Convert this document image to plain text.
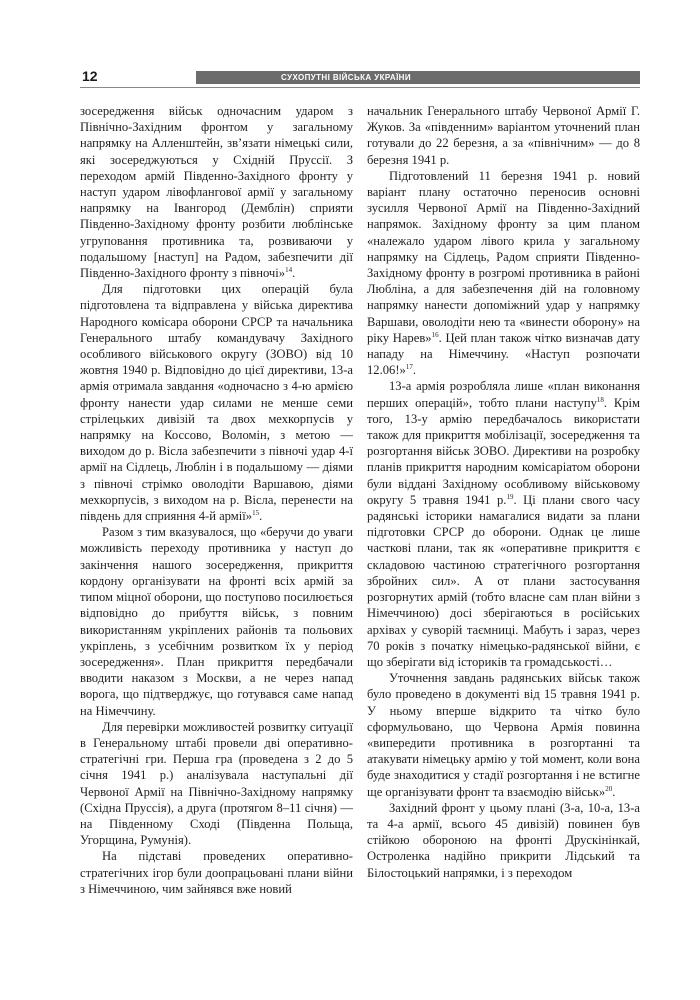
12	СУХОПУТНІ ВІЙСЬКА УКРАЇНИ

зосередження військ одночасним ударом з Північно-Західним фронтом у загальному напрямку на Алленштейн, зв’язати німецькі сили, які зосереджуються у Східній Пруссії. З переходом армій Південно-Західного фронту у наступ ударом лівофлангової армії у загальному напрямку на Івангород (Демблін) сприяти Південно-Західному фронту розбити люблінське угруповання противника та, розвиваючи у подальшому [наступ] на Радом, забезпечити дії Південно-Західного фронту з півночі»$^{14}$.

Для підготовки цих операцій була підготовлена та відправлена у війська директива Народного комісара оборони СРСР та начальника Генерального штабу командувачу Західного особливого військового округу (ЗОВО) від 10 жовтня 1940 р. Відповідно до цієї директиви, 13-а армія отримала завдання «одночасно з 4-ю армією фронту нанести удар силами не менше семи стрілецьких дивізій та двох мехкорпусів у напрямку на Коссово, Воломін, з метою — виходом до р. Вісла забезпечити з півночі удар 4-ї армії на Сідлець, Люблін і в подальшому — діями з півночі стрімко оволодіти Варшавою, діями мехкорпусів, з виходом на р. Вісла, перенести на південь для сприяння 4-й армії»$^{15}$.

Разом з тим вказувалося, що «беручи до уваги можливість переходу противника у наступ до закінчення нашого зосередження, прикриття кордону організувати на фронті всіх армій за типом міцної оборони, що поступово посилюється відповідно до прибуття військ, з повним використанням укріплених районів та польових укріплень, з усебічним розвитком їх у період зосередження». План прикриття передбачали вводити наказом з Москви, а не через напад ворога, що підтверджує, що готувався саме напад на Німеччину.

Для перевірки можливостей розвитку ситуації в Генеральному штабі провели дві оперативно-стратегічні гри. Перша гра (проведена з 2 до 5 січня 1941 р.) аналізувала наступальні дії Червоної Армії на Північно-Західному напрямку (Східна Пруссія), а друга (протягом 8–11 січня) — на Південному Сході (Південна Польща, Угорщина, Румунія).

На підставі проведених оперативно-стратегічних ігор були доопрацьовані плани війни з Німеччиною, чим зайнявся вже новий

начальник Генерального штабу Червоної Армії Г. Жуков. За «південним» варіантом уточнений план готували до 22 березня, а за «північним» — до 8 березня 1941 р.

Підготовлений 11 березня 1941 р. новий варіант плану остаточно переносив основні зусилля Червоної Армії на Південно-Західний напрямок. Західному фронту за цим планом «належало ударом лівого крила у загальному напрямку на Сідлець, Радом сприяти Південно-Західному фронту в розгромі противника в районі Любліна, а для забезпечення дій на головному напрямку нанести допоміжний удар у напрямку Варшави, оволодіти нею та «винести оборону» на ріку Нарев»$^{16}$. Цей план також чітко визначав дату нападу на Німеччину. «Наступ розпочати 12.06!»$^{17}$.

13-а армія розробляла лише «план виконання перших операцій», тобто плани наступу$^{18}$. Крім того, 13-у армію передбачалось використати також для прикриття мобілізації, зосередження та розгортання військ ЗОВО. Директиви на розробку планів прикриття народним комісаріатом оборони були віддані Західному особливому військовому округу 5 травня 1941 р.$^{19}$. Ці плани свого часу радянські історики намагалися видати за плани підготовки СРСР до оборони. Однак це лише часткові плани, так як «оперативне прикриття є складовою частиною стратегічного розгортання збройних сил». А от плани застосування розгорнутих армій (тобто власне сам план війни з Німеччиною) досі зберігаються в російських архівах у суворій таємниці. Мабуть і зараз, через 70 років з початку німецько-радянської війни, є що зберігати від істориків та громадськості…

Уточнення завдань радянських військ також було проведено в документі від 15 травня 1941 р. У ньому вперше відкрито та чітко було сформульовано, що Червона Армія повинна «випередити противника в розгортанні та атакувати німецьку армію у той момент, коли вона буде знаходитися у стадії розгортання і не встигне ще організувати фронт та взаємодію військ»$^{20}$.

Західний фронт у цьому плані (3-а, 10-а, 13-а та 4-а армії, всього 45 дивізій) повинен був стійкою обороною на фронті Друскінінкай, Остроленка надійно прикрити Лідський та Білостоцький напрямки, і з переходом
